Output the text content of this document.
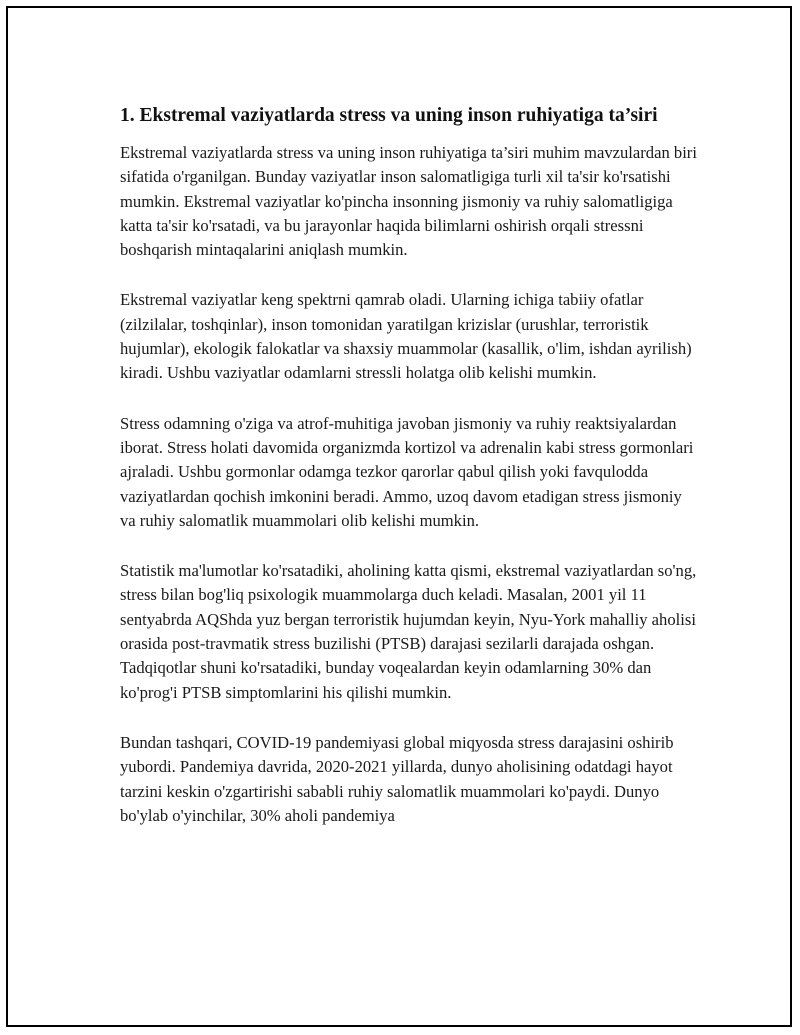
1. Ekstremal vaziyatlarda stress va uning inson ruhiyatiga ta’siri

Ekstremal vaziyatlarda stress va uning inson ruhiyatiga ta’siri muhim mavzulardan biri sifatida o'rganilgan. Bunday vaziyatlar inson salomatligiga turli xil ta'sir ko'rsatishi mumkin. Ekstremal vaziyatlar ko'pincha insonning jismoniy va ruhiy salomatligiga katta ta'sir ko'rsatadi, va bu jarayonlar haqida bilimlarni oshirish orqali stressni boshqarish mintaqalarini aniqlash mumkin.

Ekstremal vaziyatlar keng spektrni qamrab oladi. Ularning ichiga tabiiy ofatlar (zilzilalar, toshqinlar), inson tomonidan yaratilgan krizislar (urushlar, terroristik hujumlar), ekologik falokatlar va shaxsiy muammolar (kasallik, o'lim, ishdan ayrilish) kiradi. Ushbu vaziyatlar odamlarni stressli holatga olib kelishi mumkin.

Stress odamning o'ziga va atrof-muhitiga javoban jismoniy va ruhiy reaktsiyalardan iborat. Stress holati davomida organizmda kortizol va adrenalin kabi stress gormonlari ajraladi. Ushbu gormonlar odamga tezkor qarorlar qabul qilish yoki favqulodda vaziyatlardan qochish imkonini beradi. Ammo, uzoq davom etadigan stress jismoniy va ruhiy salomatlik muammolari olib kelishi mumkin.

Statistik ma'lumotlar ko'rsatadiki, aholining katta qismi, ekstremal vaziyatlardan so'ng, stress bilan bog'liq psixologik muammolarga duch keladi. Masalan, 2001 yil 11 sentyabrda AQShda yuz bergan terroristik hujumdan keyin, Nyu-York mahalliy aholisi orasida post-travmatik stress buzilishi (PTSB) darajasi sezilarli darajada oshgan. Tadqiqotlar shuni ko'rsatadiki, bunday voqealardan keyin odamlarning 30% dan ko'prog'i PTSB simptomlarini his qilishi mumkin.

Bundan tashqari, COVID-19 pandemiyasi global miqyosda stress darajasini oshirib yubordi. Pandemiya davrida, 2020-2021 yillarda, dunyo aholisining odatdagi hayot tarzini keskin o'zgartirishi sababli ruhiy salomatlik muammolari ko'paydi. Dunyo bo'ylab o'yinchilar, 30% aholi pandemiya
